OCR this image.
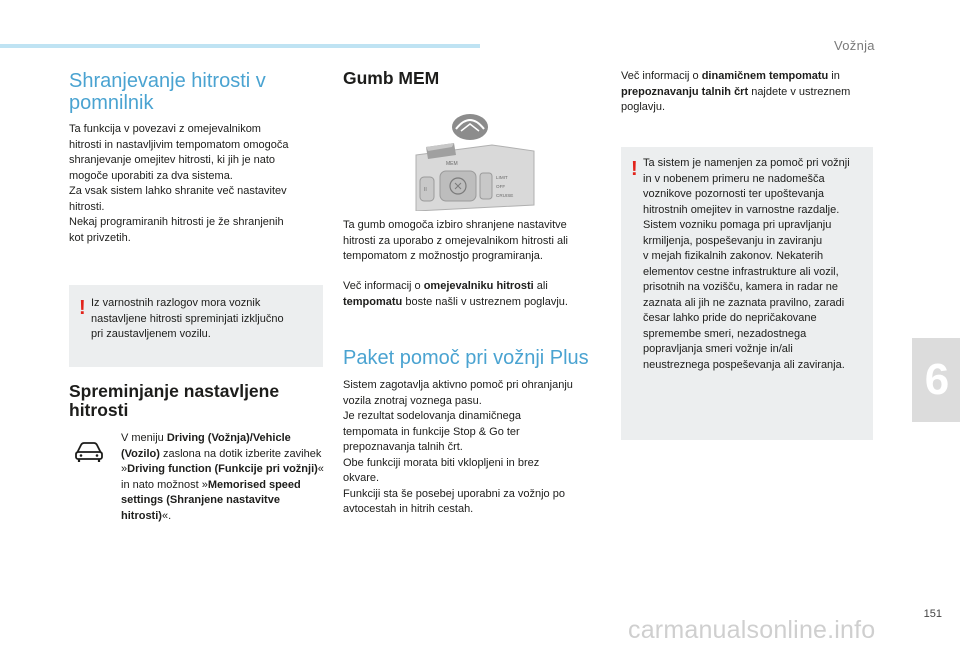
Vožnja
6
151
carmanualsonline.info
Shranjevanje hitrosti v
pomnilnik

Ta funkcija v povezavi z omejevalnikom
hitrosti in nastavljivim tempomatom omogoča
shranjevanje omejitev hitrosti, ki jih je nato
mogoče uporabiti za dva sistema.
Za vsak sistem lahko shranite več nastavitev
hitrosti.
Nekaj programiranih hitrosti je že shranjenih
kot privzetih.

! Iz varnostnih razlogov mora voznik
nastavljene hitrosti spreminjati izključno
pri zaustavljenem vozilu.

Spreminjanje nastavljene
hitrosti

V meniju Driving (Vožnja)/Vehicle (Vozilo) zaslona na dotik izberite zavihek »Driving function (Funkcije pri vožnji)« in nato možnost »Memorised speed settings (Shranjene nastavitve hitrosti)«.

Gumb MEM
MEM
II
LIMIT
OFF
CRUISE

Ta gumb omogoča izbiro shranjene nastavitve
hitrosti za uporabo z omejevalnikom hitrosti ali
tempomatom z možnostjo programiranja.

Več informacij o omejevalniku hitrosti ali tempomatu boste našli v ustreznem poglavju.

Paket pomoč pri vožnji Plus

Sistem zagotavlja aktivno pomoč pri ohranjanju
vozila znotraj voznega pasu.
Je rezultat sodelovanja dinamičnega
tempomata in funkcije Stop & Go ter
prepoznavanja talnih črt.
Obe funkciji morata biti vklopljeni in brez
okvare.
Funkciji sta še posebej uporabni za vožnjo po
avtocestah in hitrih cestah.

Več informacij o dinamičnem tempomatu in prepoznavanju talnih črt najdete v ustreznem poglavju.

! Ta sistem je namenjen za pomoč pri vožnji
in v nobenem primeru ne nadomešča
voznikove pozornosti ter upoštevanja
hitrostnih omejitev in varnostne razdalje.
Sistem vozniku pomaga pri upravljanju
krmiljenja, pospeševanju in zaviranju
v mejah fizikalnih zakonov. Nekaterih
elementov cestne infrastrukture ali vozil,
prisotnih na vozišču, kamera in radar ne
zaznata ali jih ne zaznata pravilno, zaradi
česar lahko pride do nepričakovane
spremembe smeri, nezadostnega
popravljanja smeri vožnje in/ali
neustreznega pospeševanja ali zaviranja.
